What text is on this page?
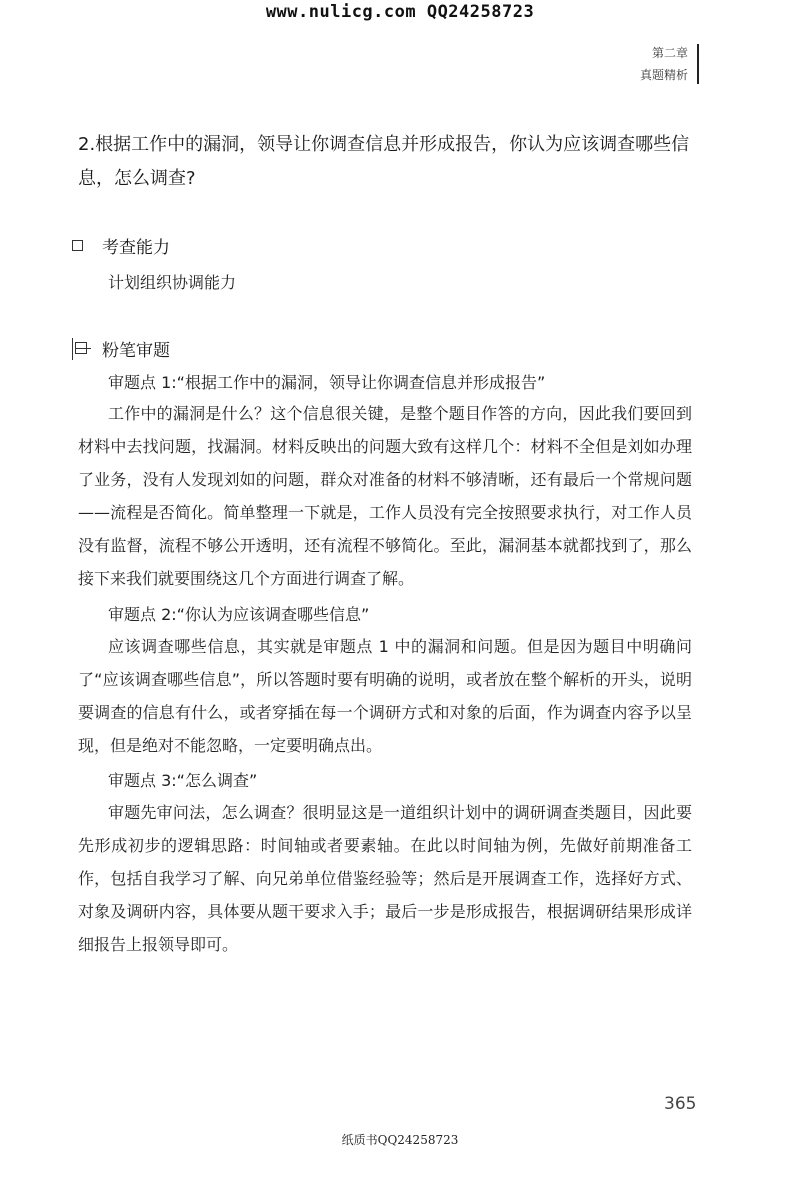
www.nulicg.com QQ24258723
第二章
真题精析

2.根据工作中的漏洞，领导让你调查信息并形成报告，你认为应该调查哪些信息，怎么调查?

考查能力
计划组织协调能力
粉笔审题
审题点 1:“根据工作中的漏洞，领导让你调查信息并形成报告”

工作中的漏洞是什么？这个信息很关键，是整个题目作答的方向，因此我们要回到材料中去找问题，找漏洞。材料反映出的问题大致有这样几个：材料不全但是刘如办理了业务，没有人发现刘如的问题，群众对准备的材料不够清晰，还有最后一个常规问题——流程是否简化。简单整理一下就是，工作人员没有完全按照要求执行，对工作人员没有监督，流程不够公开透明，还有流程不够简化。至此，漏洞基本就都找到了，那么接下来我们就要围绕这几个方面进行调查了解。

审题点 2:“你认为应该调查哪些信息”

应该调查哪些信息，其实就是审题点 1 中的漏洞和问题。但是因为题目中明确问了“应该调查哪些信息”，所以答题时要有明确的说明，或者放在整个解析的开头，说明要调查的信息有什么，或者穿插在每一个调研方式和对象的后面，作为调查内容予以呈现，但是绝对不能忽略，一定要明确点出。

审题点 3:“怎么调查”

审题先审问法，怎么调查？很明显这是一道组织计划中的调研调查类题目，因此要先形成初步的逻辑思路：时间轴或者要素轴。在此以时间轴为例，先做好前期准备工作，包括自我学习了解、向兄弟单位借鉴经验等；然后是开展调查工作，选择好方式、对象及调研内容，具体要从题干要求入手；最后一步是形成报告，根据调研结果形成详细报告上报领导即可。

365
纸质书QQ24258723
